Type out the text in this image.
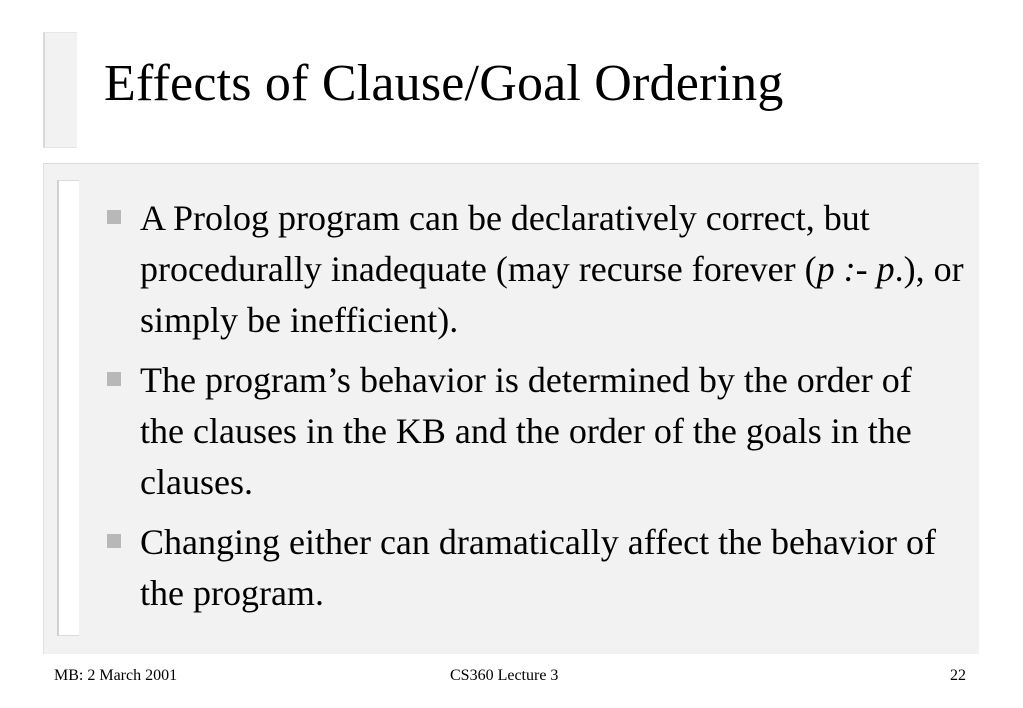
Effects of Clause/Goal Ordering
A Prolog program can be declaratively correct, but procedurally inadequate (may recurse forever (p :- p.), or simply be inefficient).
The program’s behavior is determined by the order of the clauses in the KB and the order of the goals in the clauses.
Changing either can dramatically affect the behavior of the program.
MB: 2 March 2001	CS360 Lecture 3	22
